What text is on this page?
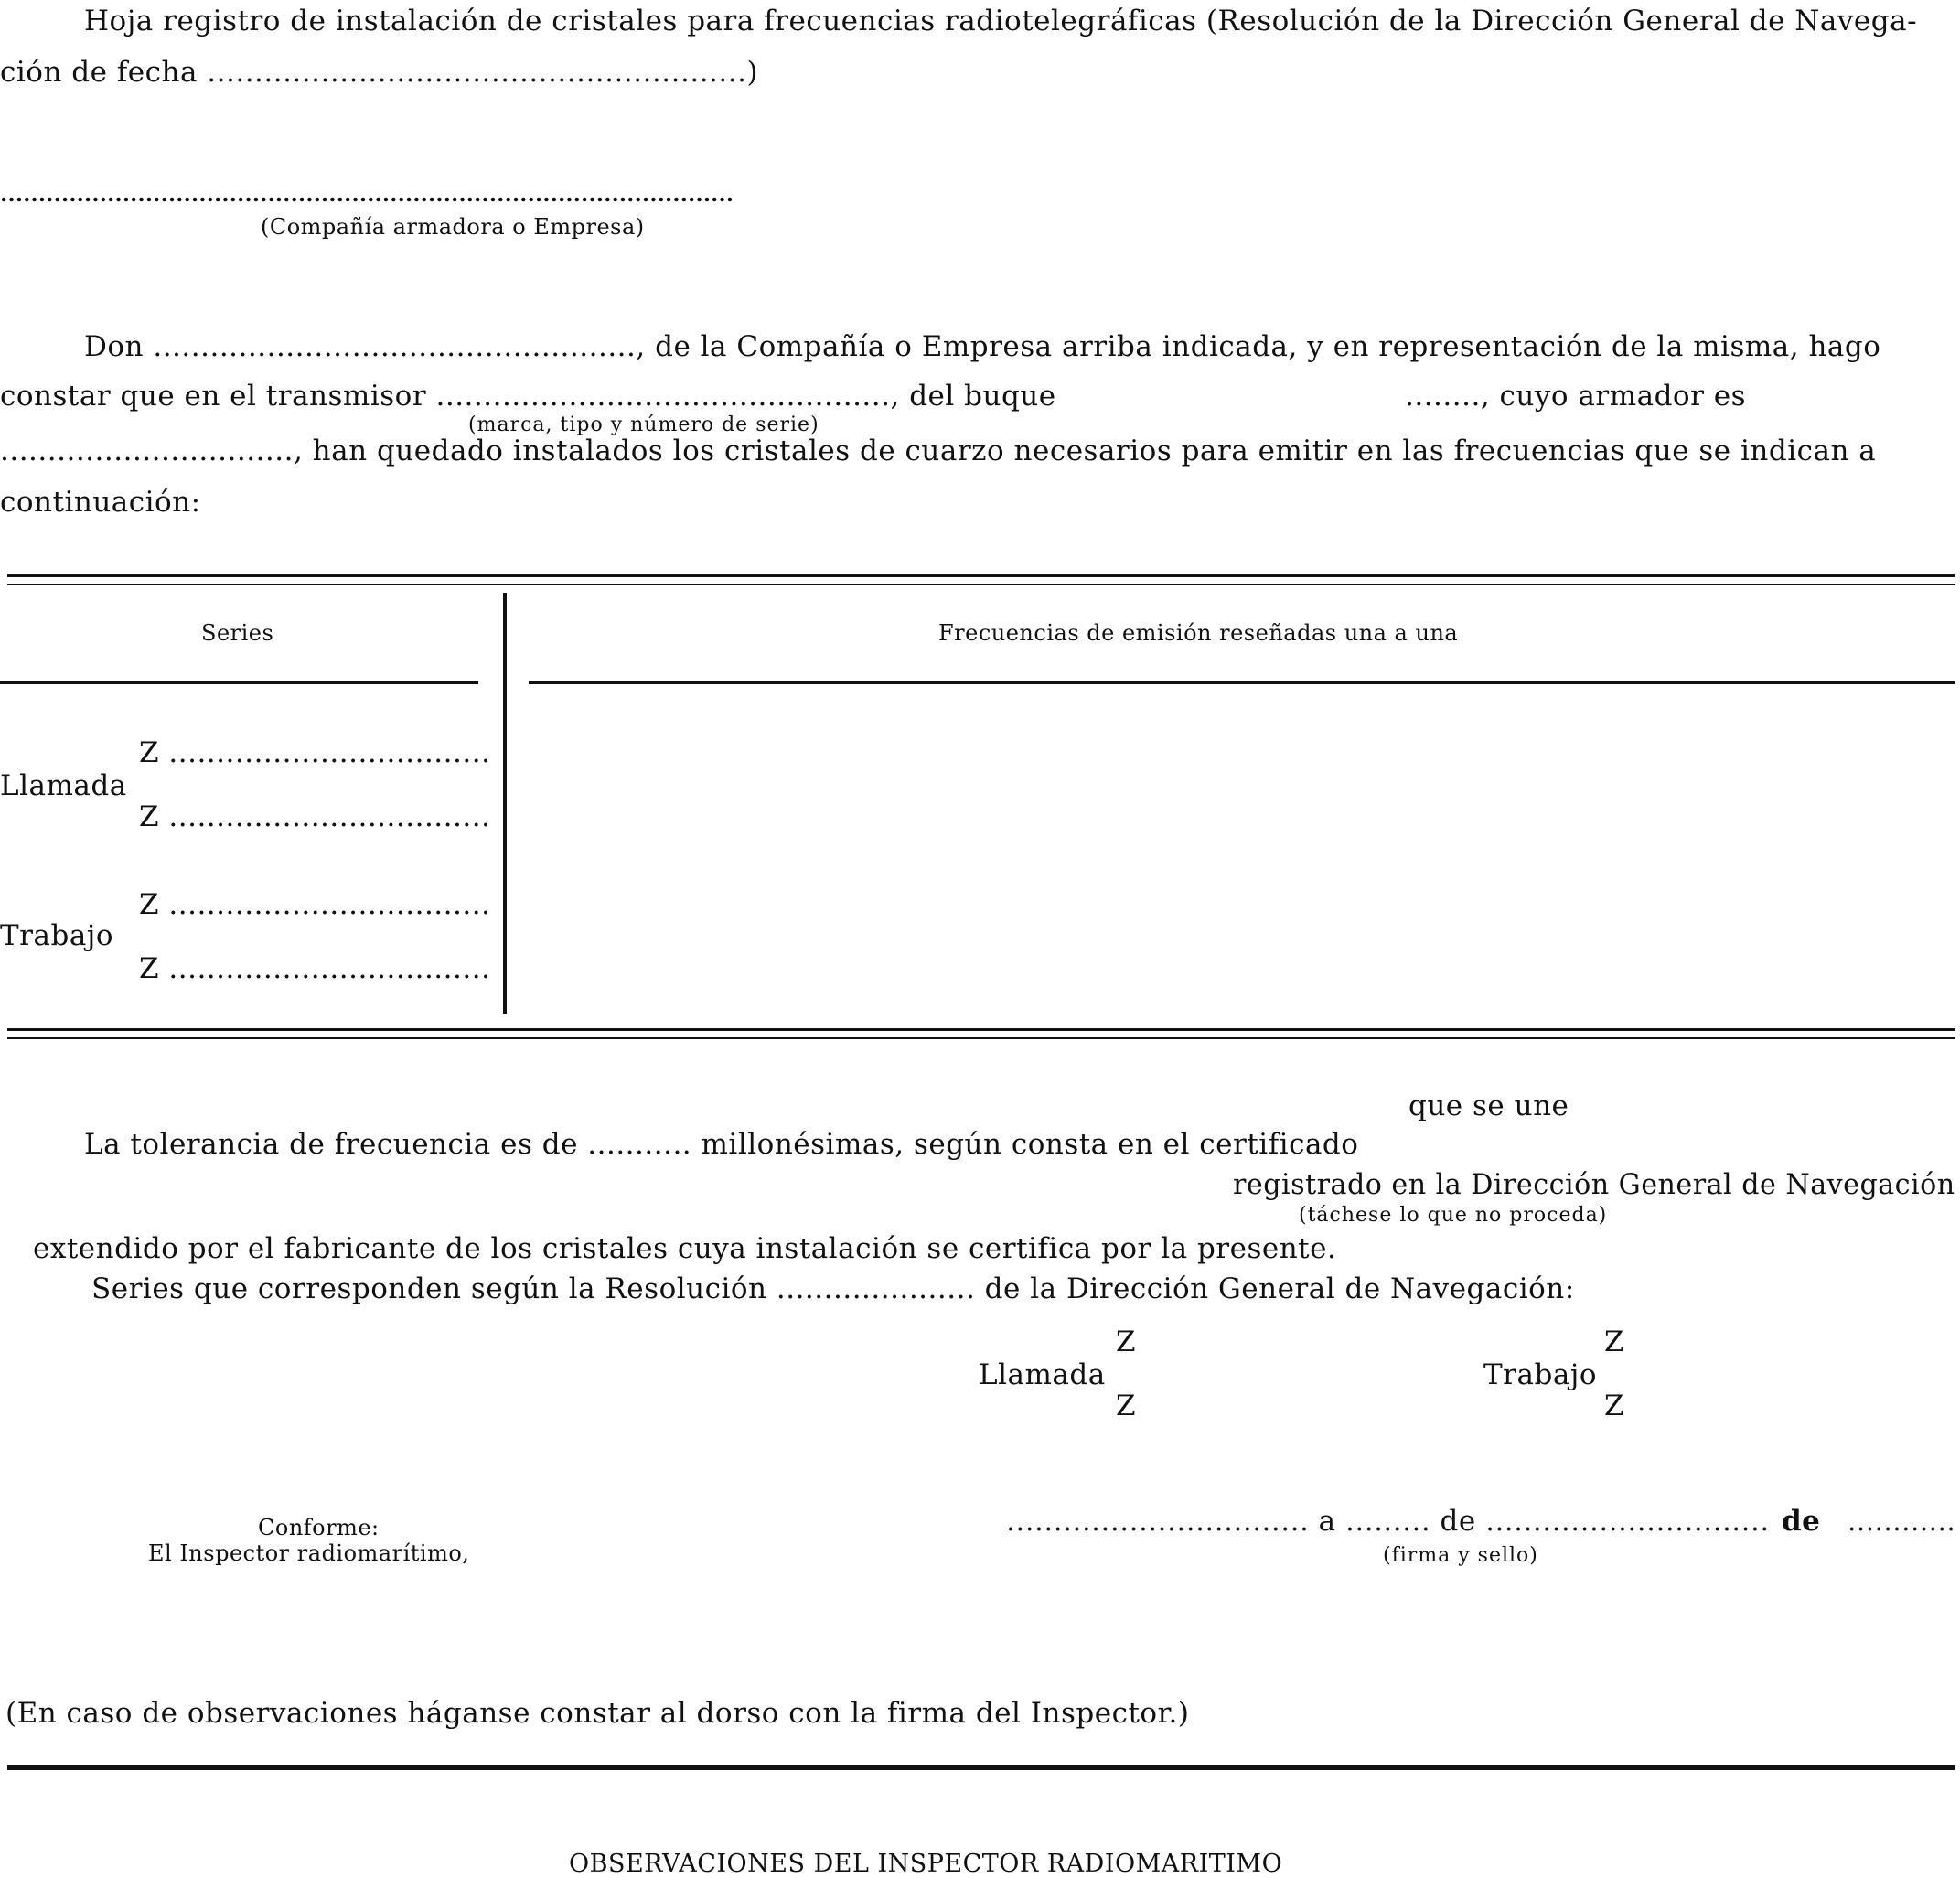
Hoja registro de instalación de cristales para frecuencias radiotelegráficas (Resolución de la Dirección General de Navega-
ción de fecha .........................................................)
................................................................................................
(Compañía armadora o Empresa)
Don ..................................................., de la Compañía o Empresa arriba indicada, y en representación de la misma, hago
constar que en el transmisor ................................................, del buque	........, cuyo armador es
(marca, tipo y número de serie)
..............................., han quedado instalados los cristales de cuarzo necesarios para emitir en las frecuencias que se indican a
continuación:
Series	Frecuencias de emisión reseñadas una a una
Z ..................................
Llamada
Z ..................................
Z ..................................
Trabajo
Z ..................................
que se une
La tolerancia de frecuencia es de ........... millonésimas, según consta en el certificado
registrado en la Dirección General de Navegación
(táchese lo que no proceda)
extendido por el fabricante de los cristales cuya instalación se certifica por la presente.
Series que corresponden según la Resolución ..................... de la Dirección General de Navegación:
Z
Llamada
Z
Z
Trabajo
Z
Conforme:
El Inspector radiomarítimo,
................................ a ......... de .............................. de ............
(firma y sello)
(En caso de observaciones háganse constar al dorso con la firma del Inspector.)
OBSERVACIONES DEL INSPECTOR RADIOMARITIMO
